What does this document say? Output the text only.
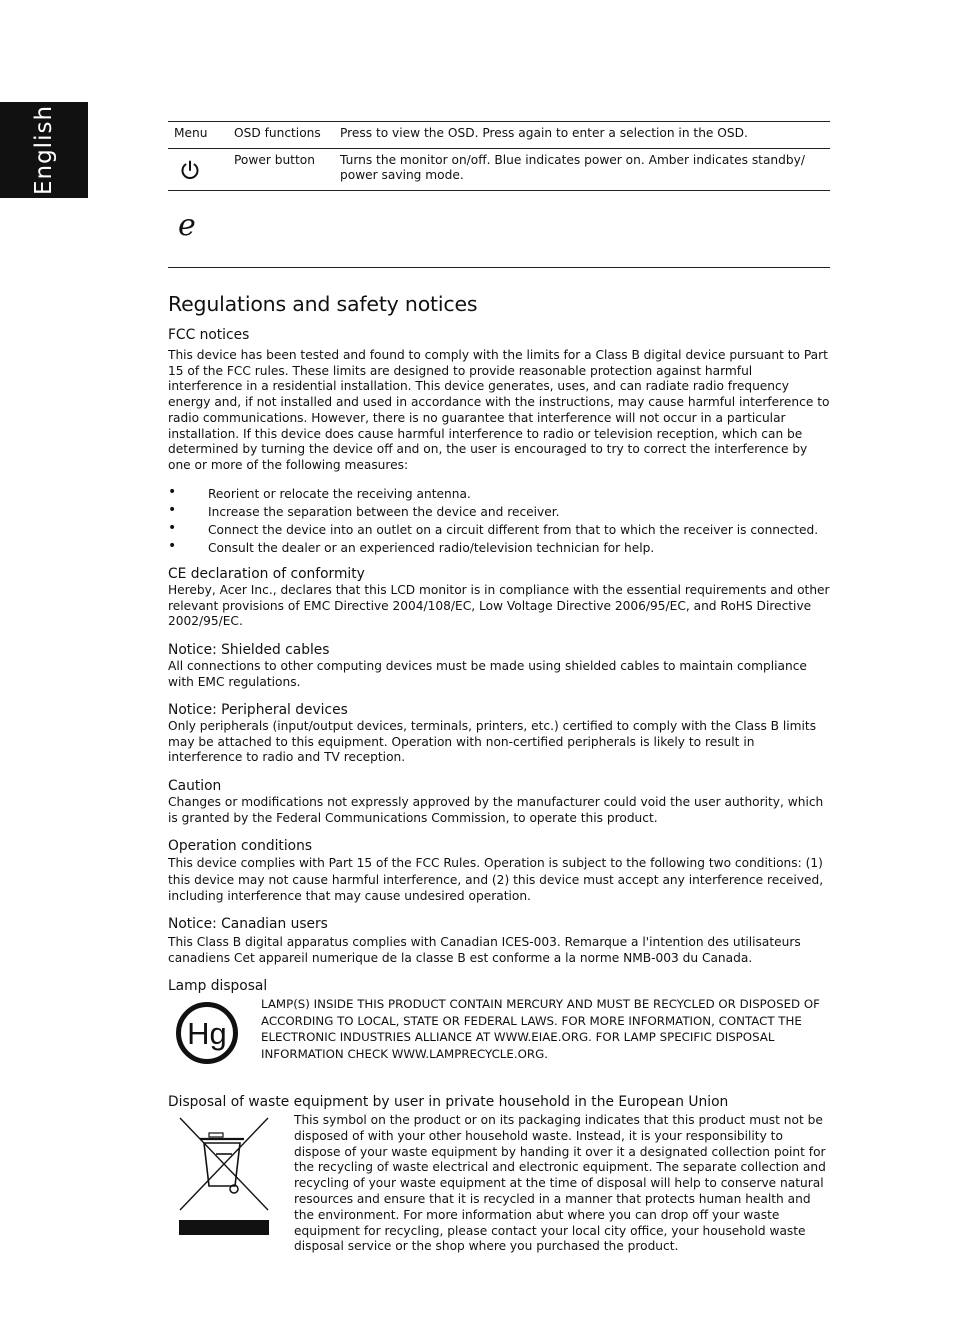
English	Menu	OSD functions	Press to view the OSD. Press again to enter a selection in the OSD.

	Power button	Turns the monitor on/off. Blue indicates power on. Amber indicates standby/ power saving mode.
e
Regulations and safety notices
FCC notices

This device has been tested and found to comply with the limits for a Class B digital device pursuant to Part 15 of the FCC rules. These limits are designed to provide reasonable protection against harmful interference in a residential installation. This device generates, uses, and can radiate radio frequency energy and, if not installed and used in accordance with the instructions, may cause harmful interference to radio communications. However, there is no guarantee that interference will not occur in a particular installation. If this device does cause harmful interference to radio or television reception, which can be determined by turning the device off and on, the user is encouraged to try to correct the interference by one or more of the following measures:

•	Reorient or relocate the receiving antenna.
•	Increase the separation between the device and receiver.
•	Connect the device into an outlet on a circuit different from that to which the receiver is connected.
•	Consult the dealer or an experienced radio/television technician for help.
CE declaration of conformity

Hereby, Acer Inc., declares that this LCD monitor is in compliance with the essential requirements and other relevant provisions of EMC Directive 2004/108/EC, Low Voltage Directive 2006/95/EC, and RoHS Directive 2002/95/EC.

Notice: Shielded cables

All connections to other computing devices must be made using shielded cables to maintain compliance with EMC regulations.

Notice: Peripheral devices

Only peripherals (input/output devices, terminals, printers, etc.) certified to comply with the Class B limits may be attached to this equipment. Operation with non-certified peripherals is likely to result in interference to radio and TV reception.

Caution

Changes or modifications not expressly approved by the manufacturer could void the user authority, which is granted by the Federal Communications Commission, to operate this product.

Operation conditions

This device complies with Part 15 of the FCC Rules. Operation is subject to the following two conditions: (1) this device may not cause harmful interference, and (2) this device must accept any interference received, including interference that may cause undesired operation.

Notice: Canadian users

This Class B digital apparatus complies with Canadian ICES-003. Remarque a l'intention des utilisateurs canadiens Cet appareil numerique de la classe B est conforme a la norme NMB-003 du Canada.

Lamp disposal
Hg

LAMP(S) INSIDE THIS PRODUCT CONTAIN MERCURY AND MUST BE RECYCLED OR DISPOSED OF ACCORDING TO LOCAL, STATE OR FEDERAL LAWS. FOR MORE INFORMATION, CONTACT THE ELECTRONIC INDUSTRIES ALLIANCE AT WWW.EIAE.ORG. FOR LAMP SPECIFIC DISPOSAL INFORMATION CHECK WWW.LAMPRECYCLE.ORG.

Disposal of waste equipment by user in private household in the European Union

This symbol on the product or on its packaging indicates that this product must not be disposed of with your other household waste. Instead, it is your responsibility to dispose of your waste equipment by handing it over it a designated collection point for the recycling of waste electrical and electronic equipment. The separate collection and recycling of your waste equipment at the time of disposal will help to conserve natural resources and ensure that it is recycled in a manner that protects human health and the environment. For more information abut where you can drop off your waste equipment for recycling, please contact your local city office, your household waste disposal service or the shop where you purchased the product.
